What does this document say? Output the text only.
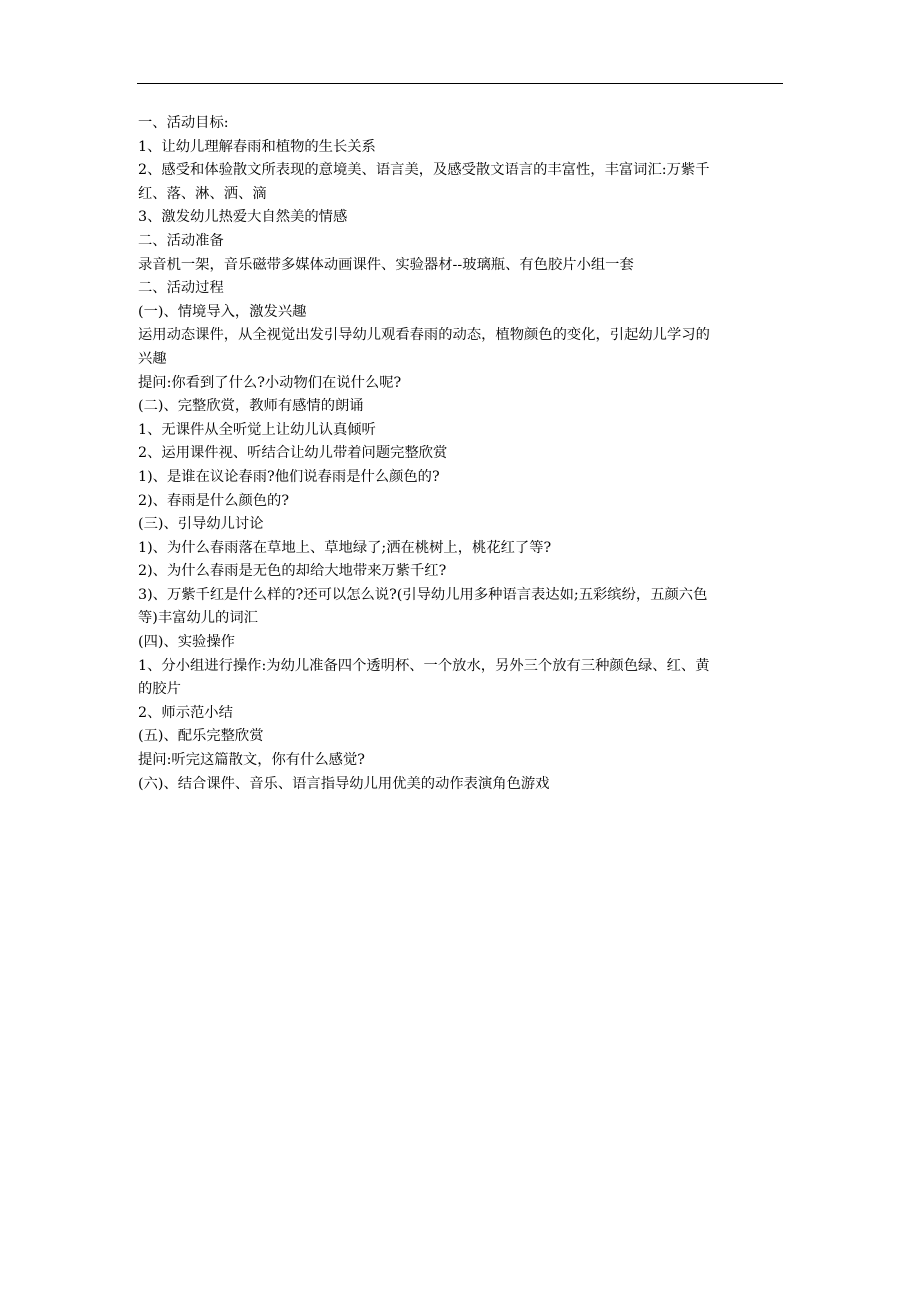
一、活动目标:

1、让幼儿理解春雨和植物的生长关系

2、感受和体验散文所表现的意境美、语言美，及感受散文语言的丰富性，丰富词汇:万紫千

红、落、淋、洒、滴

3、激发幼儿热爱大自然美的情感

二、活动准备

录音机一架，音乐磁带多媒体动画课件、实验器材--玻璃瓶、有色胶片小组一套

二、活动过程

(一)、情境导入，激发兴趣

运用动态课件，从全视觉出发引导幼儿观看春雨的动态，植物颜色的变化，引起幼儿学习的

兴趣

提问:你看到了什么?小动物们在说什么呢?

(二)、完整欣赏，教师有感情的朗诵

1、无课件从全听觉上让幼儿认真倾听

2、运用课件视、听结合让幼儿带着问题完整欣赏

1)、是谁在议论春雨?他们说春雨是什么颜色的?

2)、春雨是什么颜色的?

(三)、引导幼儿讨论

1)、为什么春雨落在草地上、草地绿了;洒在桃树上，桃花红了等?

2)、为什么春雨是无色的却给大地带来万紫千红?

3)、万紫千红是什么样的?还可以怎么说?(引导幼儿用多种语言表达如;五彩缤纷，五颜六色

等)丰富幼儿的词汇

(四)、实验操作

1、分小组进行操作:为幼儿准备四个透明杯、一个放水，另外三个放有三种颜色绿、红、黄

的胶片

2、师示范小结

(五)、配乐完整欣赏

提问:听完这篇散文，你有什么感觉?

(六)、结合课件、音乐、语言指导幼儿用优美的动作表演角色游戏
